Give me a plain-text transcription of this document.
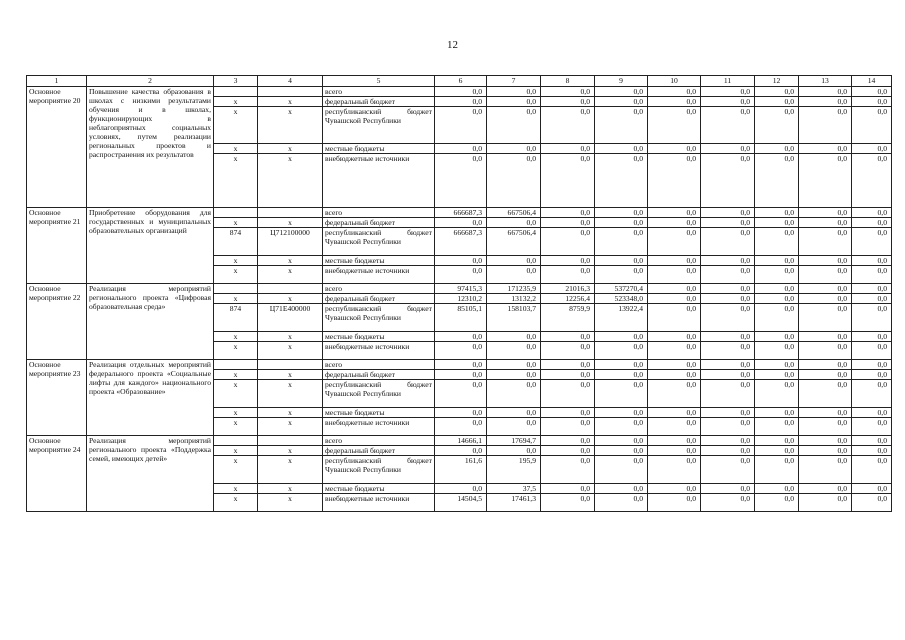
12
1	2	3	4	5	6	7	8	9	10	11	12	13	14
Основное мероприятие 20	Повышение качества образования в школах с низкими результатами обучения и в школах, функционирующих в неблагоприятных социальных условиях, путем реализации региональных проектов и распространения их результатов			всего	0,0	0,0	0,0	0,0	0,0	0,0	0,0	0,0	0,0
		х	х	федеральный бюджет	0,0	0,0	0,0	0,0	0,0	0,0	0,0	0,0	0,0
		х	х	республиканский бюджет Чувашской Республики	0,0	0,0	0,0	0,0	0,0	0,0	0,0	0,0	0,0
		х	х	местные бюджеты	0,0	0,0	0,0	0,0	0,0	0,0	0,0	0,0	0,0
		х	х	внебюджетные источники	0,0	0,0	0,0	0,0	0,0	0,0	0,0	0,0	0,0
Основное мероприятие 21	Приобретение оборудования для государственных и муниципальных образовательных организаций			всего	666687,3	667506,4	0,0	0,0	0,0	0,0	0,0	0,0	0,0
		х	х	федеральный бюджет	0,0	0,0	0,0	0,0	0,0	0,0	0,0	0,0	0,0
		874	Ц712100000	республиканский бюджет Чувашской Республики	666687,3	667506,4	0,0	0,0	0,0	0,0	0,0	0,0	0,0
		х	х	местные бюджеты	0,0	0,0	0,0	0,0	0,0	0,0	0,0	0,0	0,0
		х	х	внебюджетные источники	0,0	0,0	0,0	0,0	0,0	0,0	0,0	0,0	0,0
Основное мероприятие 22	Реализация мероприятий регионального проекта «Цифровая образовательная среда»			всего	97415,3	171235,9	21016,3	537270,4	0,0	0,0	0,0	0,0	0,0
		х	х	федеральный бюджет	12310,2	13132,2	12256,4	523348,0	0,0	0,0	0,0	0,0	0,0
		874	Ц71Е400000	республиканский бюджет Чувашской Республики	85105,1	158103,7	8759,9	13922,4	0,0	0,0	0,0	0,0	0,0
		х	х	местные бюджеты	0,0	0,0	0,0	0,0	0,0	0,0	0,0	0,0	0,0
		х	х	внебюджетные источники	0,0	0,0	0,0	0,0	0,0	0,0	0,0	0,0	0,0
Основное мероприятие 23	Реализация отдельных мероприятий федерального проекта «Социальные лифты для каждого» национального проекта «Образование»			всего	0,0	0,0	0,0	0,0	0,0	0,0	0,0	0,0	0,0
		х	х	федеральный бюджет	0,0	0,0	0,0	0,0	0,0	0,0	0,0	0,0	0,0
		х	х	республиканский бюджет Чувашской Республики	0,0	0,0	0,0	0,0	0,0	0,0	0,0	0,0	0,0
		х	х	местные бюджеты	0,0	0,0	0,0	0,0	0,0	0,0	0,0	0,0	0,0
		х	х	внебюджетные источники	0,0	0,0	0,0	0,0	0,0	0,0	0,0	0,0	0,0
Основное мероприятие 24	Реализация мероприятий регионального проекта «Поддержка семей, имеющих детей»			всего	14666,1	17694,7	0,0	0,0	0,0	0,0	0,0	0,0	0,0
		х	х	федеральный бюджет	0,0	0,0	0,0	0,0	0,0	0,0	0,0	0,0	0,0
		х	х	республиканский бюджет Чувашской Республики	161,6	195,9	0,0	0,0	0,0	0,0	0,0	0,0	0,0
		х	х	местные бюджеты	0,0	37,5	0,0	0,0	0,0	0,0	0,0	0,0	0,0
		х	х	внебюджетные источники	14504,5	17461,3	0,0	0,0	0,0	0,0	0,0	0,0	0,0
